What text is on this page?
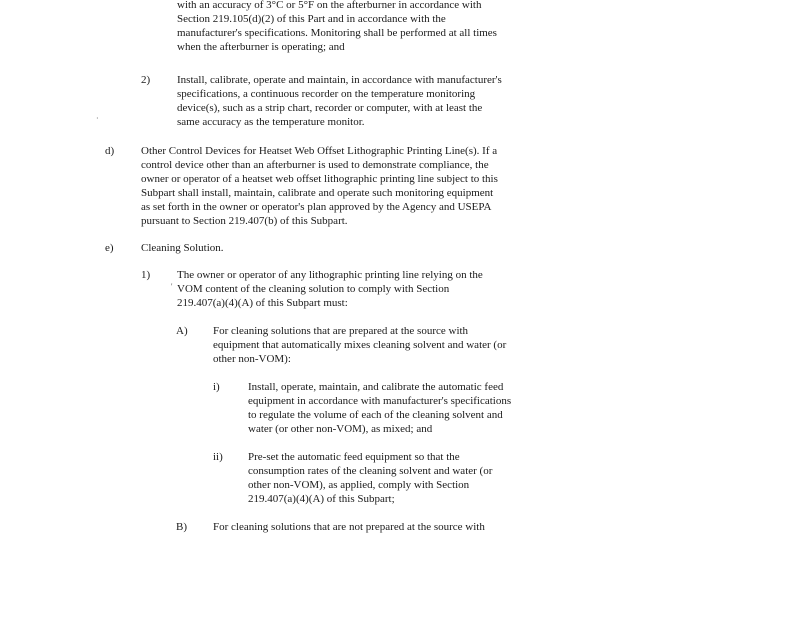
·
'
with an accuracy of 3°C or 5°F on the afterburner in accordance with
Section 219.105(d)(2) of this Part and in accordance with the
manufacturer's specifications. Monitoring shall be performed at all times
when the afterburner is operating; and
2) Install, calibrate, operate and maintain, in accordance with manufacturer's
specifications, a continuous recorder on the temperature monitoring
device(s), such as a strip chart, recorder or computer, with at least the
same accuracy as the temperature monitor.
d) Other Control Devices for Heatset Web Offset Lithographic Printing Line(s). If a
control device other than an afterburner is used to demonstrate compliance, the
owner or operator of a heatset web offset lithographic printing line subject to this
Subpart shall install, maintain, calibrate and operate such monitoring equipment
as set forth in the owner or operator's plan approved by the Agency and USEPA
pursuant to Section 219.407(b) of this Subpart.
e) Cleaning Solution.
1) The owner or operator of any lithographic printing line relying on the
VOM content of the cleaning solution to comply with Section
219.407(a)(4)(A) of this Subpart must:
A) For cleaning solutions that are prepared at the source with
equipment that automatically mixes cleaning solvent and water (or
other non-VOM):
i)	Install, operate, maintain, and calibrate the automatic feed
equipment in accordance with manufacturer's specifications
to regulate the volume of each of the cleaning solvent and
water (or other non-VOM), as mixed; and
ii) Pre-set the automatic feed equipment so that the
consumption rates of the cleaning solvent and water (or
other non-VOM), as applied, comply with Section
219.407(a)(4)(A) of this Subpart;
B) For cleaning solutions that are not prepared at the source with
